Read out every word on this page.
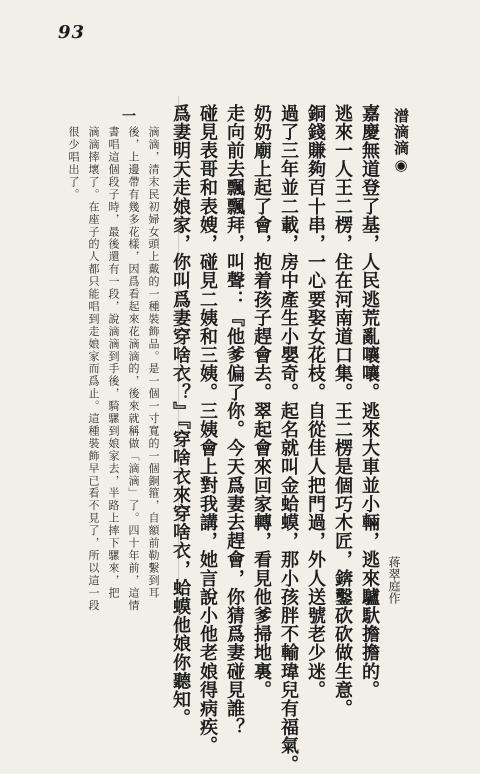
93
潽滴滴◉
蒋翠庭作
嘉慶無道登了基，人民逃荒亂嚷嚷。逃來大車並小輛，逃來驢馱擔擔的。
逃來一人王二楞，住在河南道口集。王二楞是個巧木匠，錛鑿砍砍做生意。
銅錢賺夠百十串，一心要娶女花枝。自從佳人把門過，外人送號老少迷。
過了三年並二載，房中產生小嬰奇。起名就叫金蛤蟆，那小孩胖不輸瑋兒有福氣。
奶奶廟上起了會，抱着孩子趕會去。翠起會來回家轉，看見他爹掃地裏。
走向前去飄飄拜，叫聲：『他爹偏了你。今天爲妻去趕會，你猜爲妻碰見誰？
碰見表哥和表嫂，碰見二姨和三姨。三姨會上對我講，她言說小他老娘得病疾。
爲妻明天走娘家，你叫爲妻穿啥衣？』『穿啥衣來穿啥衣，蛤蟆他娘你聽知。
一
滴滴，清末民初婦女頭上戴的一種裝飾品。是一個一寸寬的一個銅箍，自額前勒繫到耳
後，上邊帶有幾多花樣，因爲看起來花滴滴的，後來就稱做「滴滴」了。四十年前，這情
書唱這個段子時，最後還有一段，說滴滴到手後，騎騾到娘家去，半路上摔下騾來，把
滴滴摔壞了。在座子的人都只能唱到走娘家而爲止。這種裝飾早已看不見了，所以這一段
很少唱出了。
